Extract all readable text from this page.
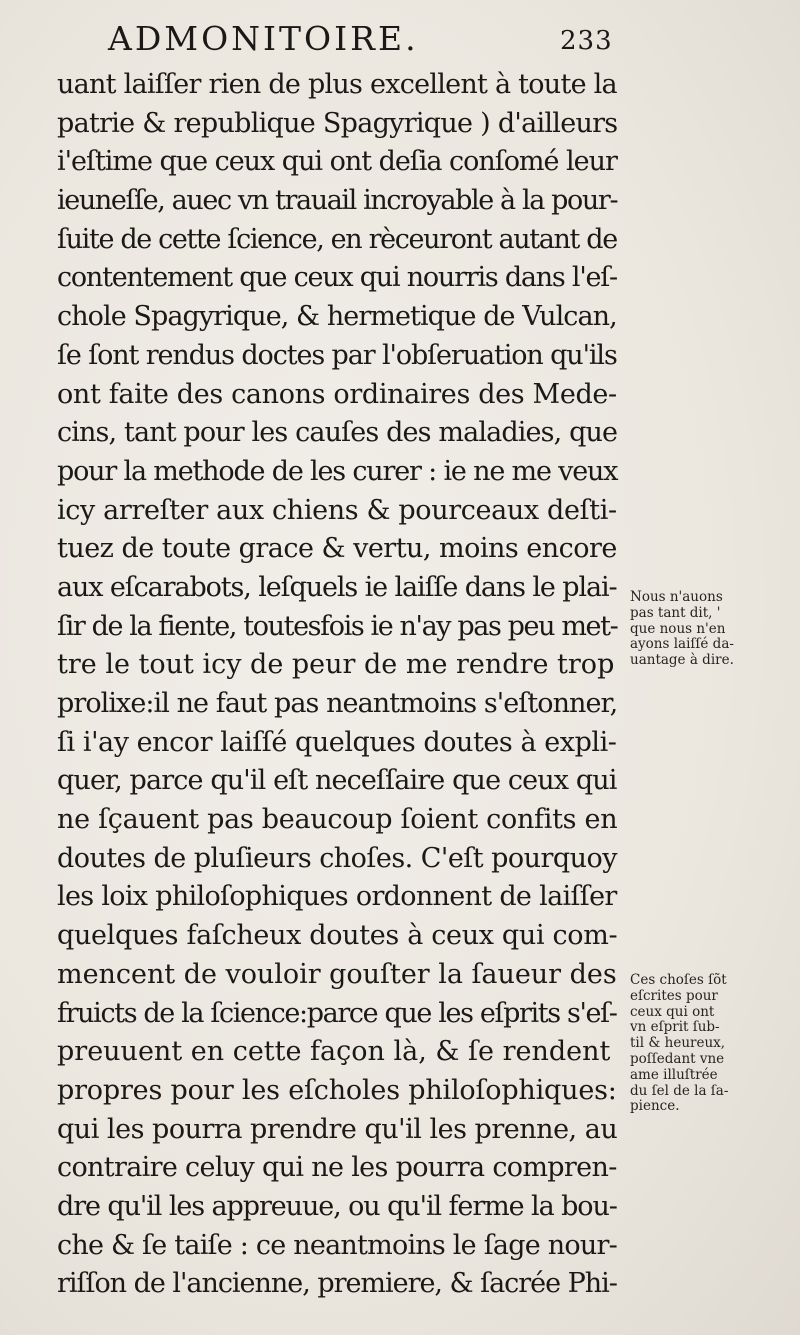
ADMONITOIRE.	233
uant laiſſer rien de plus excellent à toute la
patrie & republique Spagyrique ) d'ailleurs
i'eſtime que ceux qui ont deſia conſomé leur
ieuneſſe, auec vn trauail incroyable à la pour-
ſuite de cette ſcience, en rèceuront autant de
contentement que ceux qui nourris dans l'eſ-
chole Spagyrique, & hermetique de Vulcan,
ſe ſont rendus doctes par l'obſeruation qu'ils
ont faite des canons ordinaires des Mede-
cins, tant pour les cauſes des maladies, que
pour la methode de les curer : ie ne me veux
icy arreſter aux chiens & pourceaux deſti-
tuez de toute grace & vertu, moins encore
aux eſcarabots, leſquels ie laiſſe dans le plai-
ſir de la fiente, toutesfois ie n'ay pas peu met-
tre le tout icy de peur de me rendre trop
prolixe:il ne faut pas neantmoins s'eſtonner,
ſi i'ay encor laiſſé quelques doutes à expli-
quer, parce qu'il eſt neceſſaire que ceux qui
ne ſçauent pas beaucoup ſoient confits en
doutes de pluſieurs choſes. C'eſt pourquoy
les loix philoſophiques ordonnent de laiſſer
quelques faſcheux doutes à ceux qui com-
mencent de vouloir gouſter la ſaueur des
fruicts de la ſcience:parce que les eſprits s'eſ-
preuuent en cette façon là, & ſe rendent
propres pour les eſcholes philoſophiques:
qui les pourra prendre qu'il les prenne, au
contraire celuy qui ne les pourra compren-
dre qu'il les appreuue, ou qu'il ferme la bou-
che & ſe taiſe : ce neantmoins le ſage nour-
riſſon de l'ancienne, premiere, & ſacrée Phi-
Nous n'auons
pas tant dit, '
que nous n'en
ayons laiſſé da-
uantage à dire.
Ces choſes ſõt
eſcrites pour
ceux qui ont
vn eſprit ſub-
til & heureux,
poſſedant vne
ame illuſtrée
du ſel de la ſa-
pience.
